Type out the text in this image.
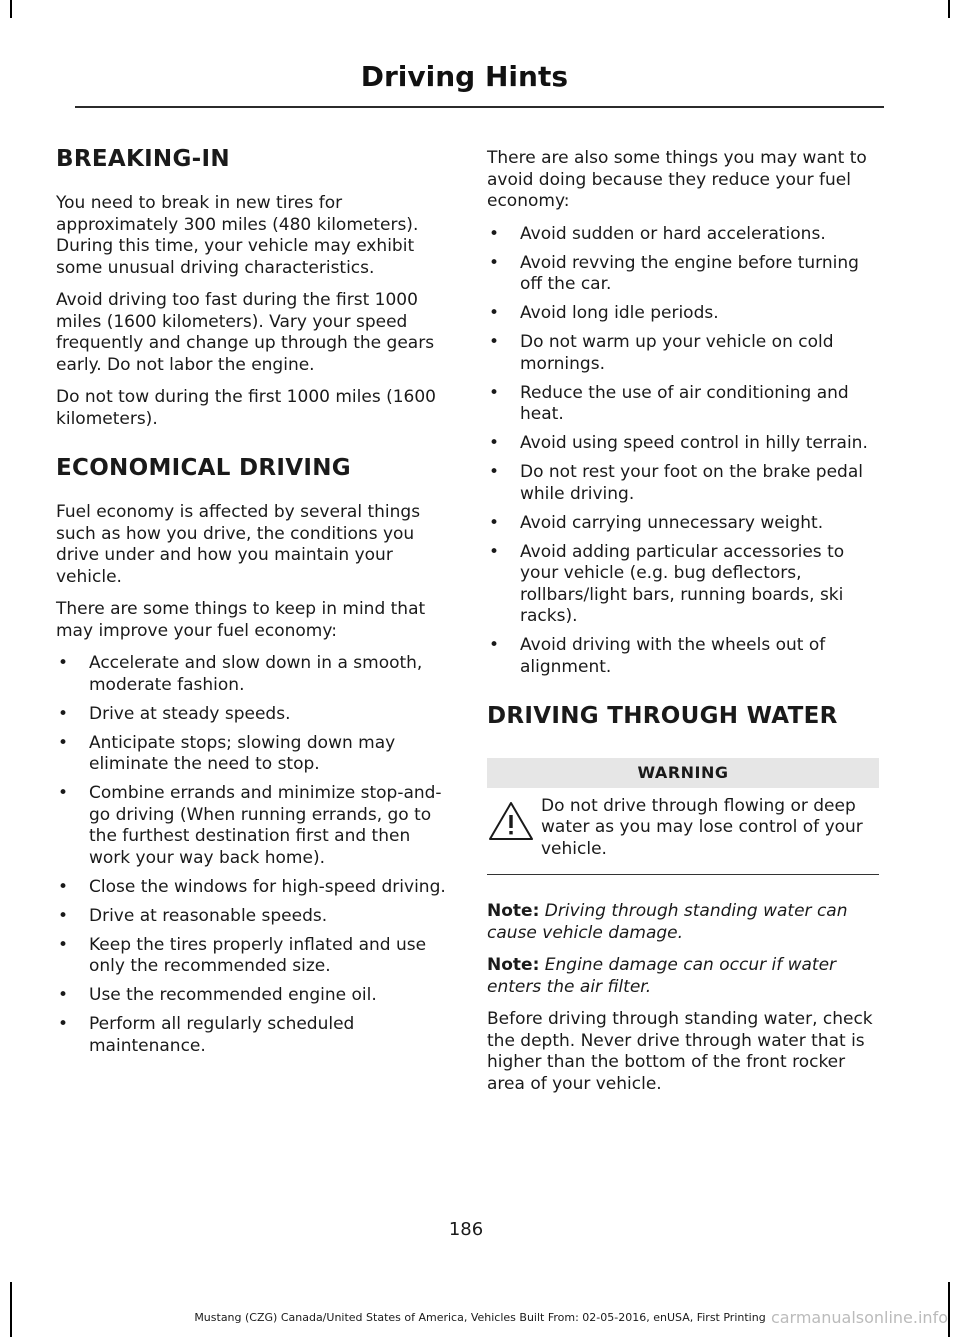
Driving Hints
BREAKING-IN

You need to break in new tires for approximately 300 miles (480 kilometers). During this time, your vehicle may exhibit some unusual driving characteristics.

Avoid driving too fast during the first 1000 miles (1600 kilometers). Vary your speed frequently and change up through the gears early. Do not labor the engine.

Do not tow during the first 1000 miles (1600 kilometers).

ECONOMICAL DRIVING

Fuel economy is affected by several things such as how you drive, the conditions you drive under and how you maintain your vehicle.

There are some things to keep in mind that may improve your fuel economy:

• Accelerate and slow down in a smooth, moderate fashion.
• Drive at steady speeds.
• Anticipate stops; slowing down may eliminate the need to stop.
• Combine errands and minimize stop-and-go driving (When running errands, go to the furthest destination first and then work your way back home).
• Close the windows for high-speed driving.
• Drive at reasonable speeds.
• Keep the tires properly inflated and use only the recommended size.
• Use the recommended engine oil.
• Perform all regularly scheduled maintenance.

There are also some things you may want to avoid doing because they reduce your fuel economy:

• Avoid sudden or hard accelerations.
• Avoid revving the engine before turning off the car.
• Avoid long idle periods.
• Do not warm up your vehicle on cold mornings.
• Reduce the use of air conditioning and heat.
• Avoid using speed control in hilly terrain.
• Do not rest your foot on the brake pedal while driving.
• Avoid carrying unnecessary weight.
• Avoid adding particular accessories to your vehicle (e.g. bug deflectors, rollbars/light bars, running boards, ski racks).
• Avoid driving with the wheels out of alignment.
DRIVING THROUGH WATER
WARNING
Do not drive through flowing or deep water as you may lose control of your vehicle.

Note: Driving through standing water can cause vehicle damage.

Note: Engine damage can occur if water enters the air filter.

Before driving through standing water, check the depth. Never drive through water that is higher than the bottom of the front rocker area of your vehicle.

186
Mustang (CZG) Canada/United States of America, Vehicles Built From: 02-05-2016, enUSA, First Printing carmanualsonline.info
